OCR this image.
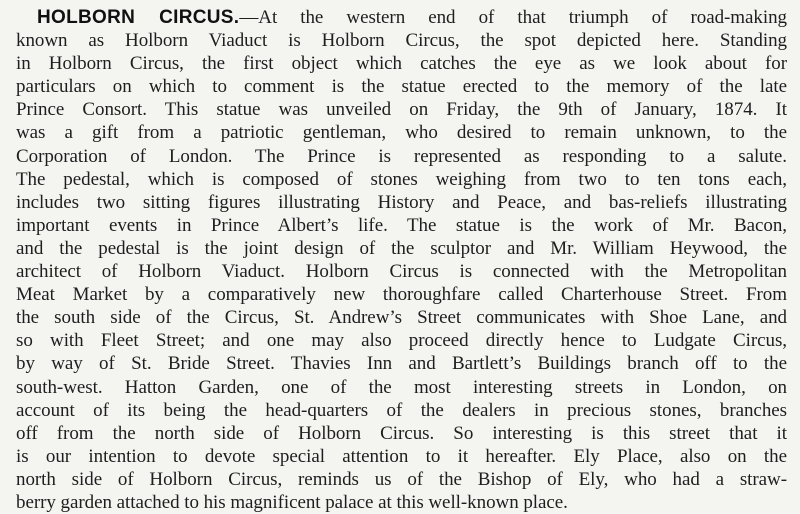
HOLBORN CIRCUS.—At the western end of that triumph of road-making
known as Holborn Viaduct is Holborn Circus, the spot depicted here. Standing
in Holborn Circus, the first object which catches the eye as we look about for
particulars on which to comment is the statue erected to the memory of the late
Prince Consort. This statue was unveiled on Friday, the 9th of January, 1874. It
was a gift from a patriotic gentleman, who desired to remain unknown, to the
Corporation of London. The Prince is represented as responding to a salute.
The pedestal, which is composed of stones weighing from two to ten tons each,
includes two sitting figures illustrating History and Peace, and bas-reliefs illustrating
important events in Prince Albert’s life. The statue is the work of Mr. Bacon,
and the pedestal is the joint design of the sculptor and Mr. William Heywood, the
architect of Holborn Viaduct. Holborn Circus is connected with the Metropolitan
Meat Market by a comparatively new thoroughfare called Charterhouse Street. From
the south side of the Circus, St. Andrew’s Street communicates with Shoe Lane, and
so with Fleet Street; and one may also proceed directly hence to Ludgate Circus,
by way of St. Bride Street. Thavies Inn and Bartlett’s Buildings branch off to the
south-west. Hatton Garden, one of the most interesting streets in London, on
account of its being the head-quarters of the dealers in precious stones, branches
off from the north side of Holborn Circus. So interesting is this street that it
is our intention to devote special attention to it hereafter. Ely Place, also on the
north side of Holborn Circus, reminds us of the Bishop of Ely, who had a straw-
berry garden attached to his magnificent palace at this well-known place.
